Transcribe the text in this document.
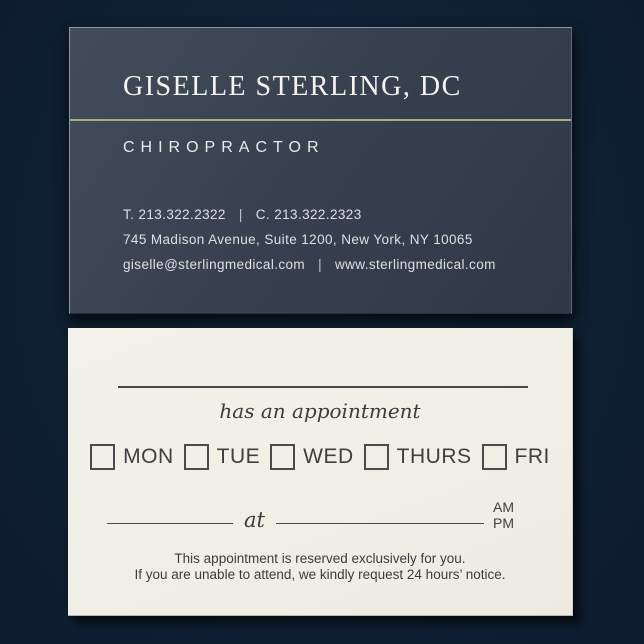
GISELLE STERLING, DC
CHIROPRACTOR
T. 213.322.2322 | C. 213.322.2323
745 Madison Avenue, Suite 1200, New York, NY 10065
giselle@sterlingmedical.com | www.sterlingmedical.com
has an appointment
MON TUE WED THURS FRI
at
AM
PM
This appointment is reserved exclusively for you.
If you are unable to attend, we kindly request 24 hours’ notice.
